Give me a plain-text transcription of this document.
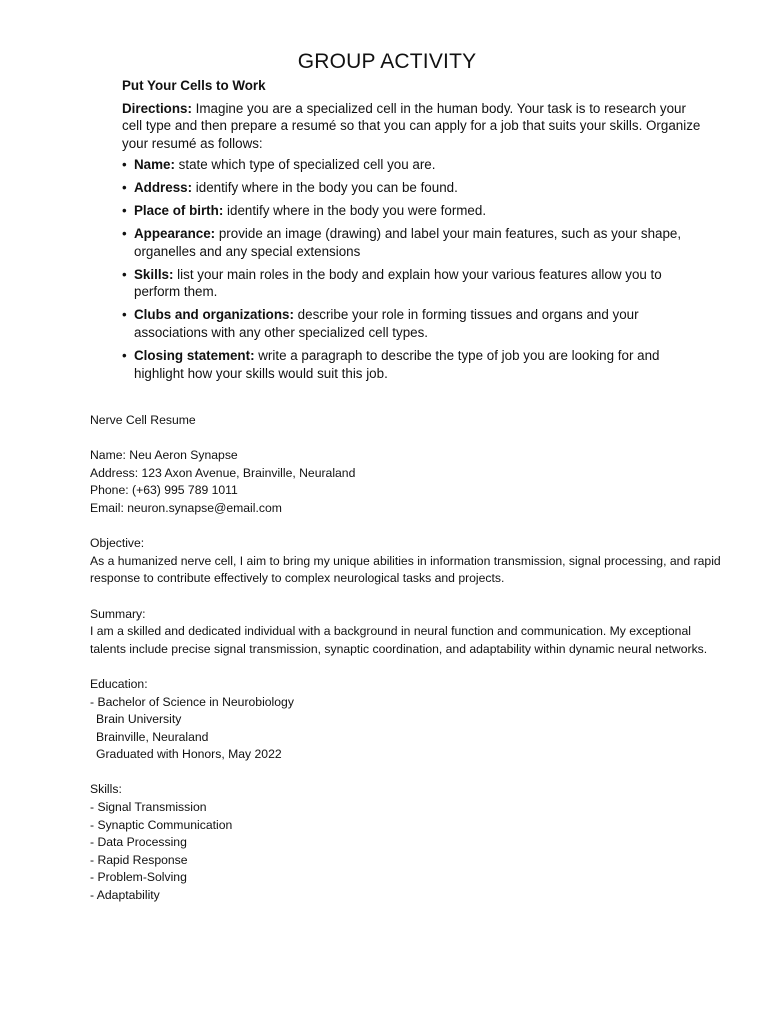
GROUP ACTIVITY
Put Your Cells to Work

Directions: Imagine you are a specialized cell in the human body. Your task is to research your cell type and then prepare a resumé so that you can apply for a job that suits your skills. Organize your resumé as follows:

• Name: state which type of specialized cell you are.
• Address: identify where in the body you can be found.
• Place of birth: identify where in the body you were formed.
• Appearance: provide an image (drawing) and label your main features, such as your shape, organelles and any special extensions
• Skills: list your main roles in the body and explain how your various features allow you to perform them.
• Clubs and organizations: describe your role in forming tissues and organs and your associations with any other specialized cell types.
• Closing statement: write a paragraph to describe the type of job you are looking for and highlight how your skills would suit this job.

Nerve Cell Resume

Name: Neu Aeron Synapse

Address: 123 Axon Avenue, Brainville, Neuraland

Phone: (+63) 995 789 1011

Email: neuron.synapse@email.com

Objective:

As a humanized nerve cell, I aim to bring my unique abilities in information transmission, signal processing, and rapid response to contribute effectively to complex neurological tasks and projects.

Summary:

I am a skilled and dedicated individual with a background in neural function and communication. My exceptional talents include precise signal transmission, synaptic coordination, and adaptability within dynamic neural networks.

Education:

- Bachelor of Science in Neurobiology

Brain University

Brainville, Neuraland

Graduated with Honors, May 2022

Skills:

- Signal Transmission

- Synaptic Communication

- Data Processing

- Rapid Response

- Problem-Solving

- Adaptability
